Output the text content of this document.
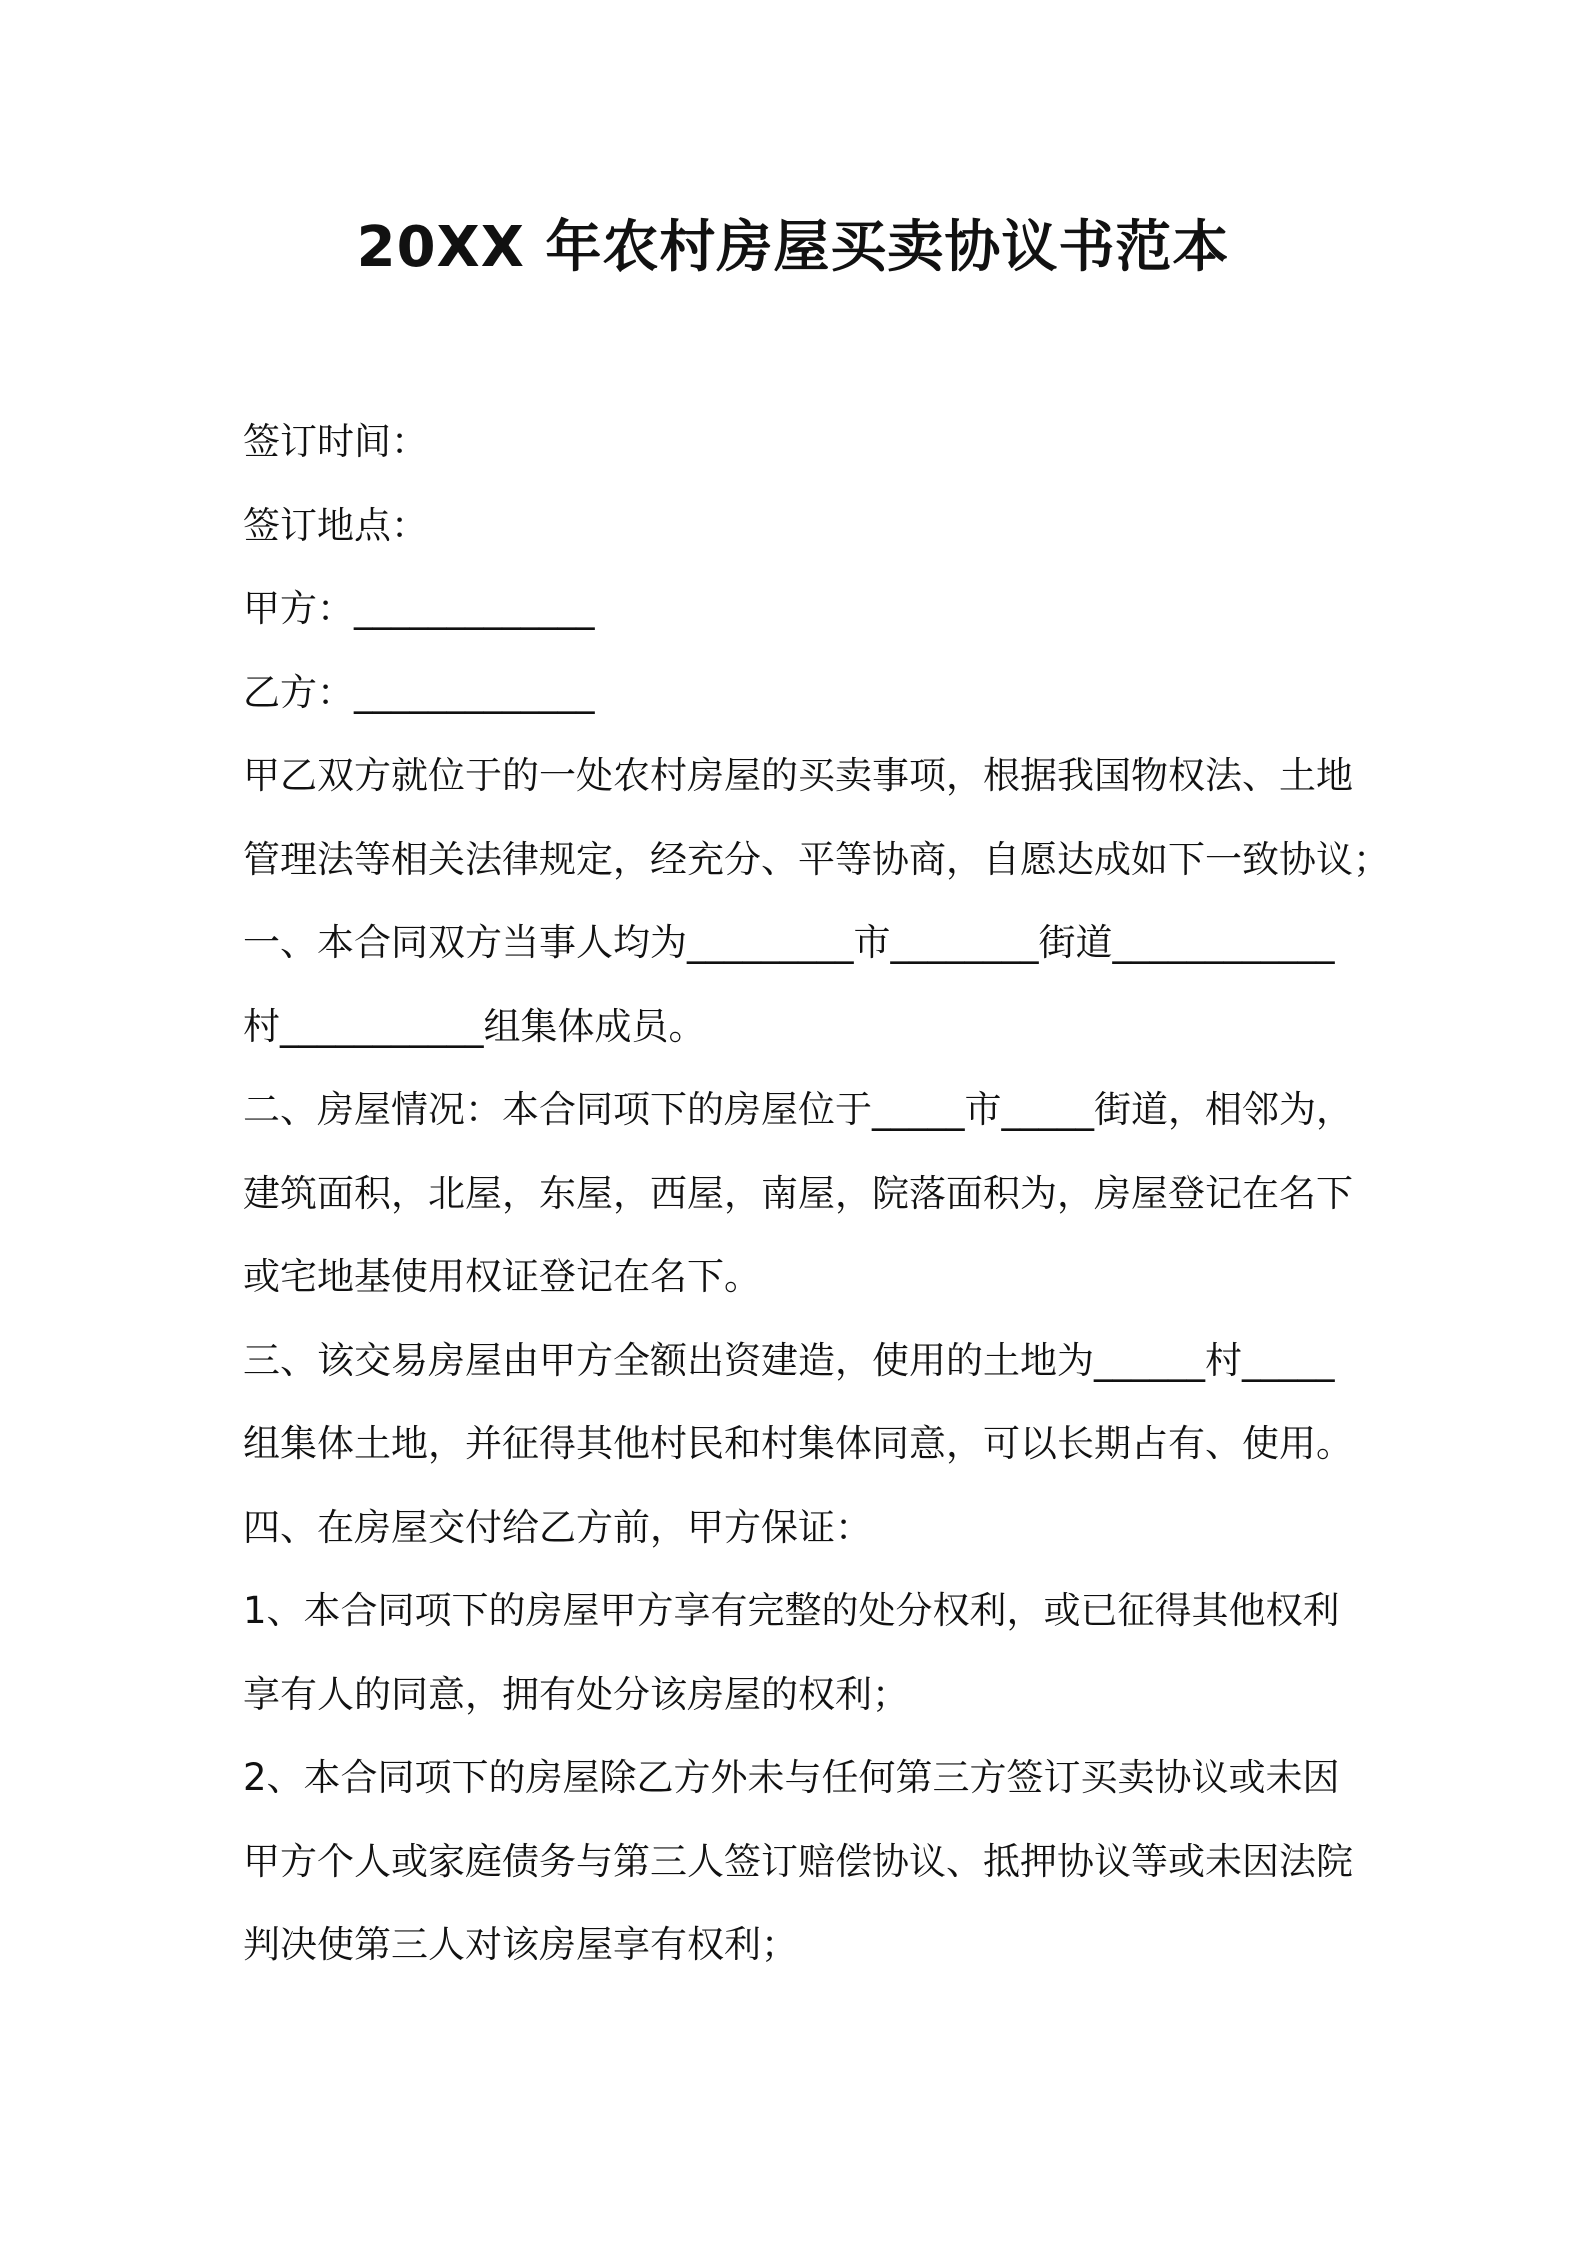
20XX 年农村房屋买卖协议书范本
签订时间：
签订地点：
甲方：_____________
乙方：_____________
甲乙双方就位于的一处农村房屋的买卖事项，根据我国物权法、土地
管理法等相关法律规定，经充分、平等协商，自愿达成如下一致协议；
一、本合同双方当事人均为_________市________街道____________
村___________组集体成员。
二、房屋情况：本合同项下的房屋位于_____市_____街道，相邻为，
建筑面积，北屋，东屋，西屋，南屋，院落面积为，房屋登记在名下
或宅地基使用权证登记在名下。
三、该交易房屋由甲方全额出资建造，使用的土地为______村_____
组集体土地，并征得其他村民和村集体同意，可以长期占有、使用。
四、在房屋交付给乙方前，甲方保证：
1、本合同项下的房屋甲方享有完整的处分权利，或已征得其他权利
享有人的同意，拥有处分该房屋的权利；
2、本合同项下的房屋除乙方外未与任何第三方签订买卖协议或未因
甲方个人或家庭债务与第三人签订赔偿协议、抵押协议等或未因法院
判决使第三人对该房屋享有权利；
